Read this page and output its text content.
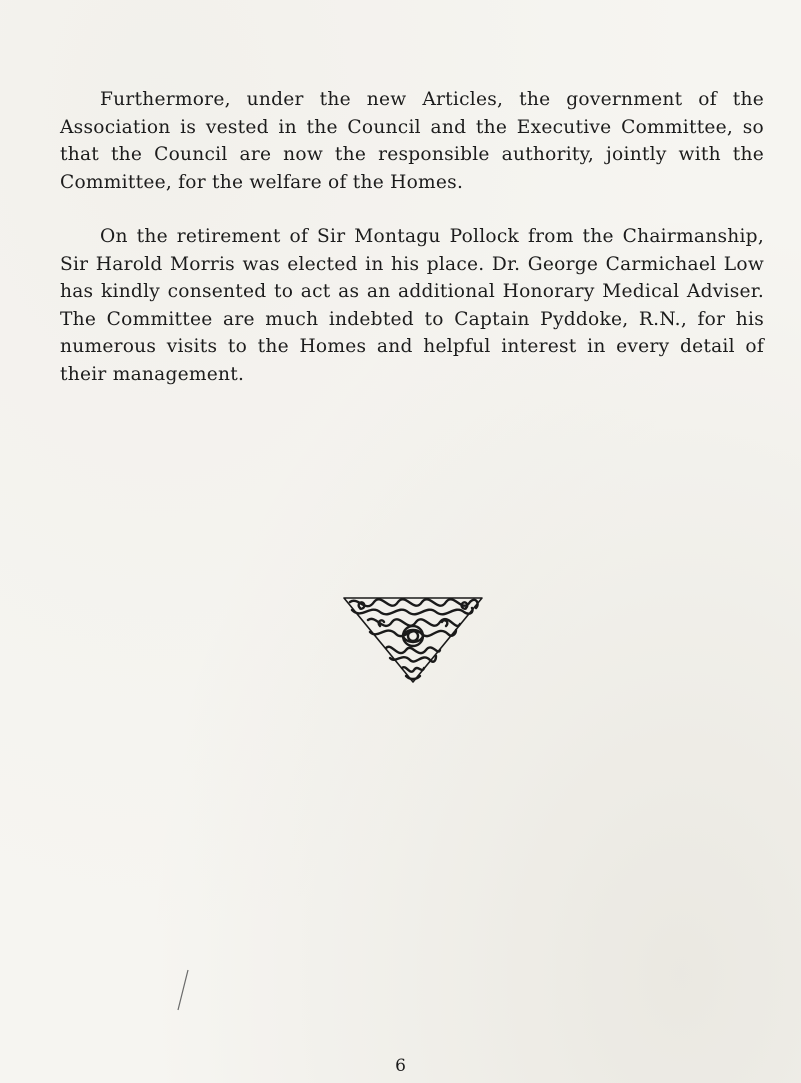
Furthermore, under the new Articles, the government of the Association is vested in the Council and the Executive Committee, so that the Council are now the responsible authority, jointly with the Committee, for the welfare of the Homes.

On the retirement of Sir Montagu Pollock from the Chairmanship, Sir Harold Morris was elected in his place. Dr. George Carmichael Low has kindly consented to act as an additional Honorary Medical Adviser. The Committee are much indebted to Captain Pyddoke, R.N., for his numerous visits to the Homes and helpful interest in every detail of their management.

6
